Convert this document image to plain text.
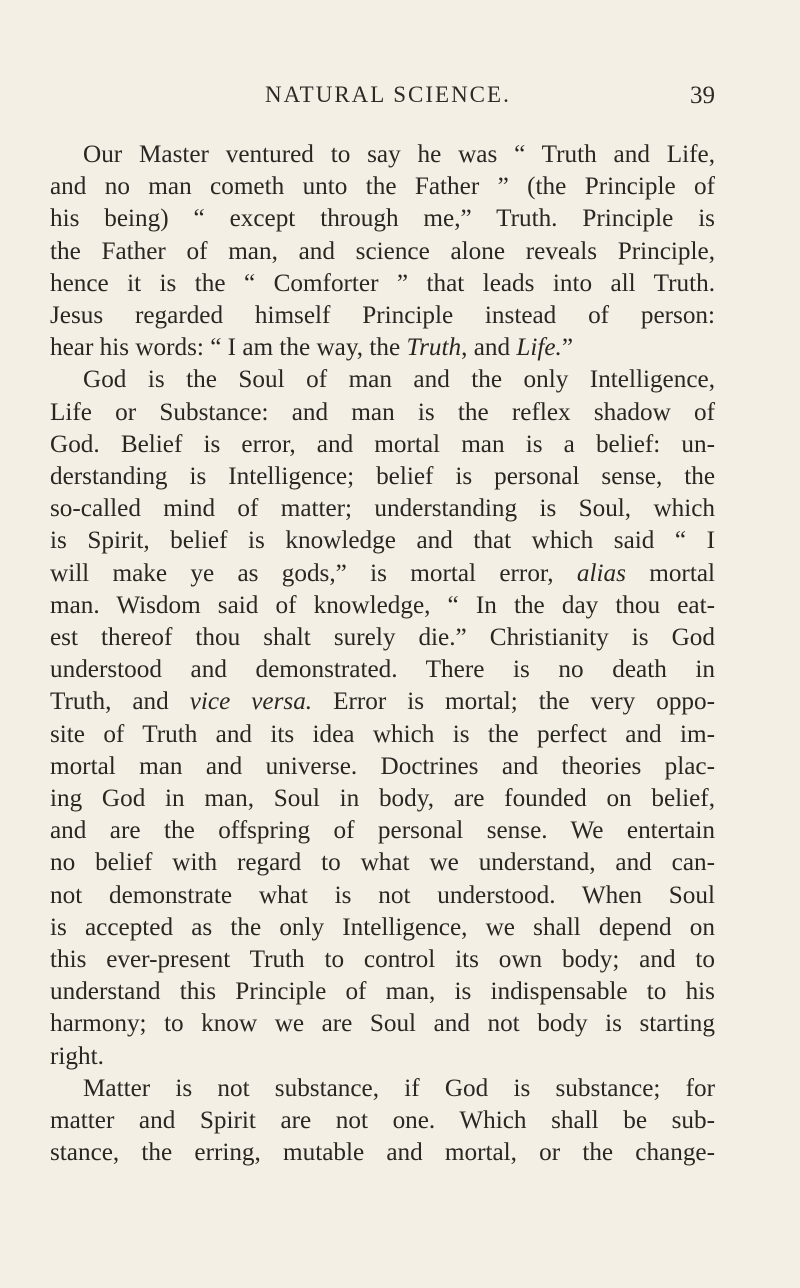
NATURAL SCIENCE.	39
Our Master ventured to say he was “ Truth and Life,
and no man cometh unto the Father ” (the Principle of
his being) “ except through me,” Truth. Principle is
the Father of man, and science alone reveals Principle,
hence it is the “ Comforter ” that leads into all Truth.
Jesus regarded himself Principle instead of person:
hear his words: “ I am the way, the Truth, and Life.”
God is the Soul of man and the only Intelligence,
Life or Substance: and man is the reflex shadow of
God. Belief is error, and mortal man is a belief: un-
derstanding is Intelligence; belief is personal sense, the
so-called mind of matter; understanding is Soul, which
is Spirit, belief is knowledge and that which said “ I
will make ye as gods,” is mortal error, alias mortal
man. Wisdom said of knowledge, “ In the day thou eat-
est thereof thou shalt surely die.” Christianity is God
understood and demonstrated. There is no death in
Truth, and vice versa. Error is mortal; the very oppo-
site of Truth and its idea which is the perfect and im-
mortal man and universe. Doctrines and theories plac-
ing God in man, Soul in body, are founded on belief,
and are the offspring of personal sense. We entertain
no belief with regard to what we understand, and can-
not demonstrate what is not understood. When Soul
is accepted as the only Intelligence, we shall depend on
this ever-present Truth to control its own body; and to
understand this Principle of man, is indispensable to his
harmony; to know we are Soul and not body is starting
right.
Matter is not substance, if God is substance; for
matter and Spirit are not one. Which shall be sub-
stance, the erring, mutable and mortal, or the change-
